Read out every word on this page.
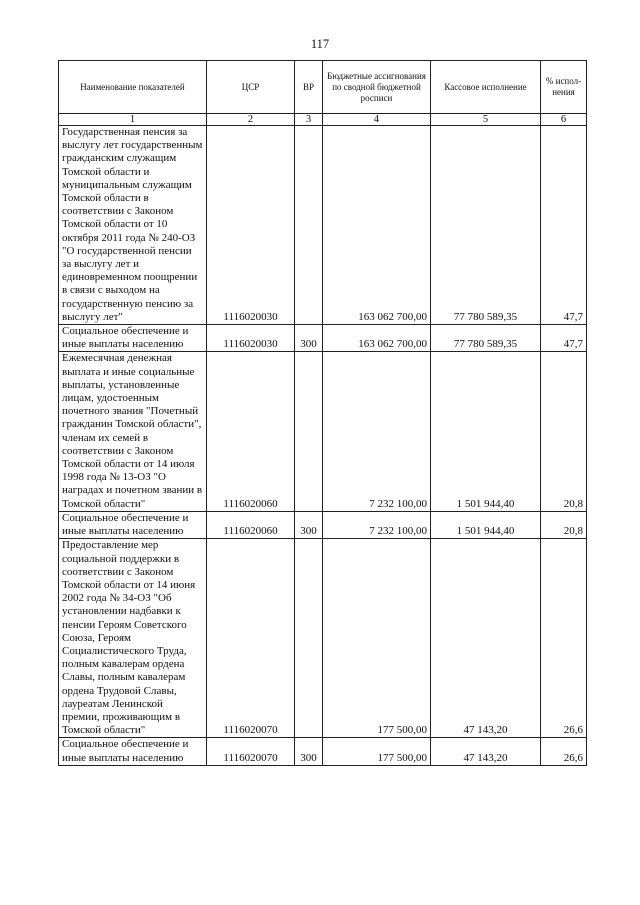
117
Наименование показателей	ЦСР	ВР	Бюджетные ассигнования по сводной бюджетной росписи	Кассовое исполнение	% испол-нения
1	2	3	4	5	6
Государственная пенсия за выслугу лет государственным гражданским служащим Томской области и муниципальным служащим Томской области в соответствии с Законом Томской области от 10 октября 2011 года № 240-ОЗ "О государственной пенсии за выслугу лет и единовременном поощрении в связи с выходом на государственную пенсию за выслугу лет"	1116020030		163 062 700,00	77 780 589,35	47,7
Социальное обеспечение и иные выплаты населению	1116020030	300	163 062 700,00	77 780 589,35	47,7
Ежемесячная денежная выплата и иные социальные выплаты, установленные лицам, удостоенным почетного звания "Почетный гражданин Томской области", членам их семей в соответствии с Законом Томской области от 14 июля 1998 года № 13-ОЗ "О наградах и почетном звании в Томской области"	1116020060		7 232 100,00	1 501 944,40	20,8
Социальное обеспечение и иные выплаты населению	1116020060	300	7 232 100,00	1 501 944,40	20,8
Предоставление мер социальной поддержки в соответствии с Законом Томской области от 14 июня 2002 года № 34-ОЗ "Об установлении надбавки к пенсии Героям Советского Союза, Героям Социалистического Труда, полным кавалерам ордена Славы, полным кавалерам ордена Трудовой Славы, лауреатам Ленинской премии, проживающим в Томской области"	1116020070		177 500,00	47 143,20	26,6
Социальное обеспечение и иные выплаты населению	1116020070	300	177 500,00	47 143,20	26,6
